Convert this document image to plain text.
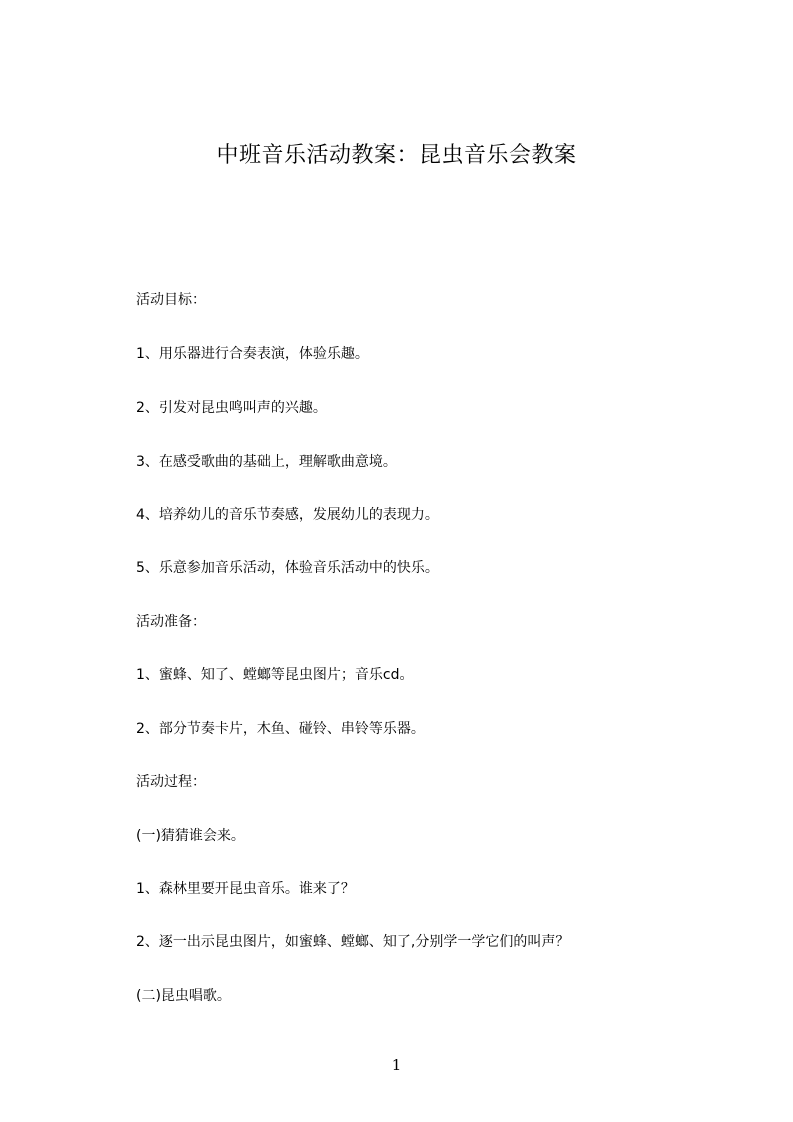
中班音乐活动教案：昆虫音乐会教案
活动目标：
1、用乐器进行合奏表演，体验乐趣。
2、引发对昆虫鸣叫声的兴趣。
3、在感受歌曲的基础上，理解歌曲意境。
4、培养幼儿的音乐节奏感，发展幼儿的表现力。
5、乐意参加音乐活动，体验音乐活动中的快乐。
活动准备：
1、蜜蜂、知了、螳螂等昆虫图片；音乐cd。
2、部分节奏卡片，木鱼、碰铃、串铃等乐器。
活动过程：
(一)猜猜谁会来。
1、森林里要开昆虫音乐。谁来了？
2、逐一出示昆虫图片，如蜜蜂、螳螂、知了,分别学一学它们的叫声？
(二)昆虫唱歌。
1
